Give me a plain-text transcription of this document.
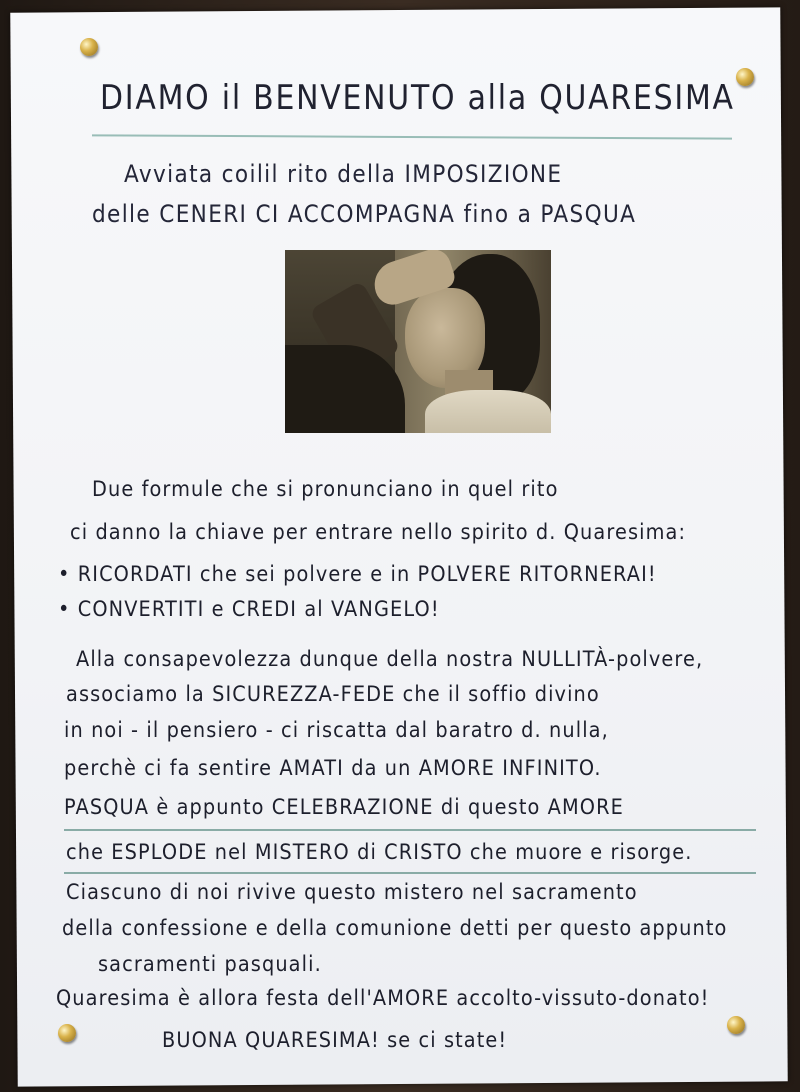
DIAMO il BENVENUTO alla QUARESIMA
Avviata coilil rito della IMPOSIZIONE
delle CENERI CI ACCOMPAGNA fino a PASQUA
Due formule che si pronunciano in quel rito
ci danno la chiave per entrare nello spirito d. Quaresima:
• RICORDATI che sei polvere e in POLVERE RITORNERAI!
• CONVERTITI e CREDI al VANGELO!
Alla consapevolezza dunque della nostra NULLITÀ-polvere,
associamo la SICUREZZA-FEDE che il soffio divino
in noi - il pensiero - ci riscatta dal baratro d. nulla,
perchè ci fa sentire AMATI da un AMORE INFINITO.
PASQUA è appunto CELEBRAZIONE di questo AMORE
che ESPLODE nel MISTERO di CRISTO che muore e risorge.
Ciascuno di noi rivive questo mistero nel sacramento
della confessione e della comunione detti per questo appunto
sacramenti pasquali.
Quaresima è allora festa dell'AMORE accolto-vissuto-donato!
BUONA QUARESIMA! se ci state!
